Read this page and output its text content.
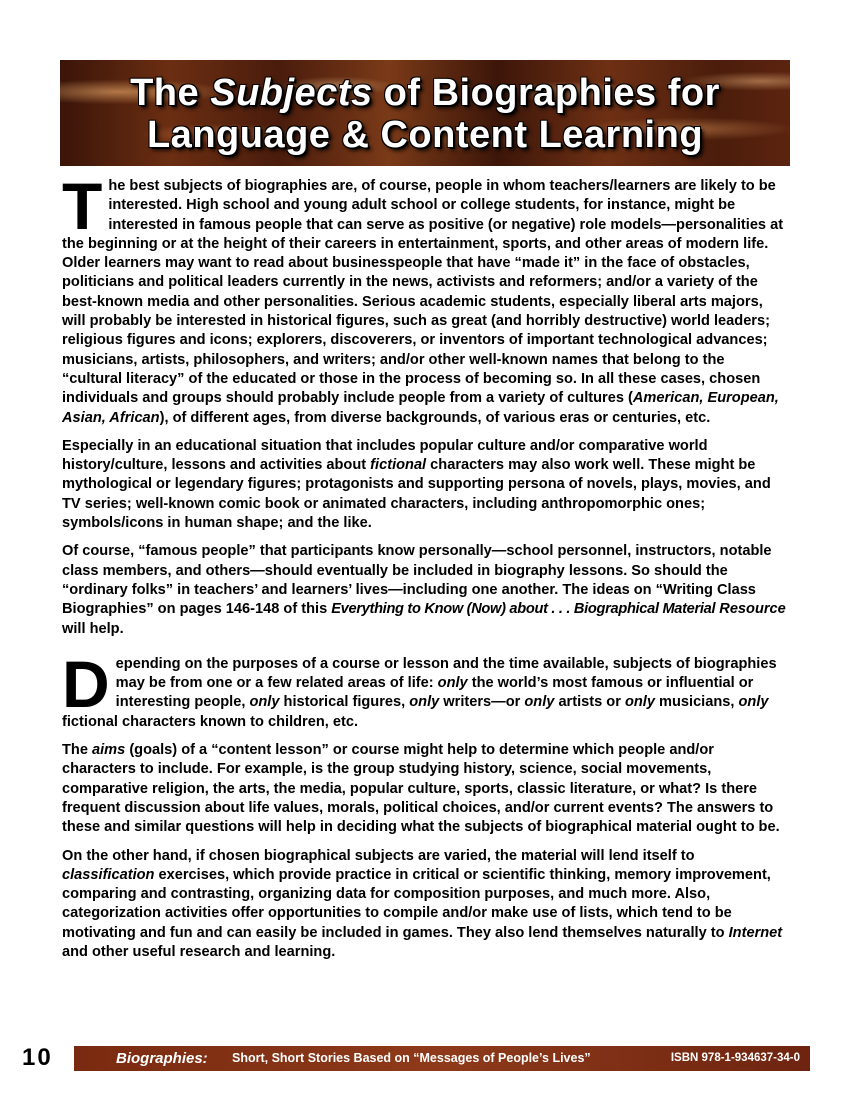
The Subjects of Biographies for
Language & Content Learning

The best subjects of biographies are, of course, people in whom teachers/learners are likely to be interested. High school and young adult school or college students, for instance, might be interested in famous people that can serve as positive (or negative) role models—personalities at the beginning or at the height of their careers in entertainment, sports, and other areas of modern life. Older learners may want to read about businesspeople that have “made it” in the face of obstacles, politicians and political leaders currently in the news, activists and reformers; and/or a variety of the best-known media and other personalities. Serious academic students, especially liberal arts majors, will probably be interested in historical figures, such as great (and horribly destructive) world leaders; religious figures and icons; explorers, discoverers, or inventors of important technological advances; musicians, artists, philosophers, and writers; and/or other well-known names that belong to the “cultural literacy” of the educated or those in the process of becoming so. In all these cases, chosen individuals and groups should probably include people from a variety of cultures (American, European, Asian, African), of different ages, from diverse backgrounds, of various eras or centuries, etc.

Especially in an educational situation that includes popular culture and/or comparative world history/culture, lessons and activities about fictional characters may also work well. These might be mythological or legendary figures; protagonists and supporting persona of novels, plays, movies, and TV series; well-known comic book or animated characters, including anthropomorphic ones; symbols/icons in human shape; and the like.

Of course, “famous people” that participants know personally—school personnel, instructors, notable class members, and others—should eventually be included in biography lessons. So should the “ordinary folks” in teachers’ and learners’ lives—including one another. The ideas on “Writing Class Biographies” on pages 146-148 of this Everything to Know (Now) about . . . Biographical Material Resource will help.

Depending on the purposes of a course or lesson and the time available, subjects of biographies may be from one or a few related areas of life: only the world’s most famous or influential or interesting people, only historical figures, only writers—or only artists or only musicians, only fictional characters known to children, etc.

The aims (goals) of a “content lesson” or course might help to determine which people and/or characters to include. For example, is the group studying history, science, social movements, comparative religion, the arts, the media, popular culture, sports, classic literature, or what? Is there frequent discussion about life values, morals, political choices, and/or current events? The answers to these and similar questions will help in deciding what the subjects of biographical material ought to be.

On the other hand, if chosen biographical subjects are varied, the material will lend itself to classification exercises, which provide practice in critical or scientific thinking, memory improvement, comparing and contrasting, organizing data for composition purposes, and much more. Also, categorization activities offer opportunities to compile and/or make use of lists, which tend to be motivating and fun and can easily be included in games. They also lend themselves naturally to Internet and other useful research and learning.

10	Biographies: Short, Short Stories Based on “Messages of People’s Lives”	ISBN 978-1-934637-34-0
